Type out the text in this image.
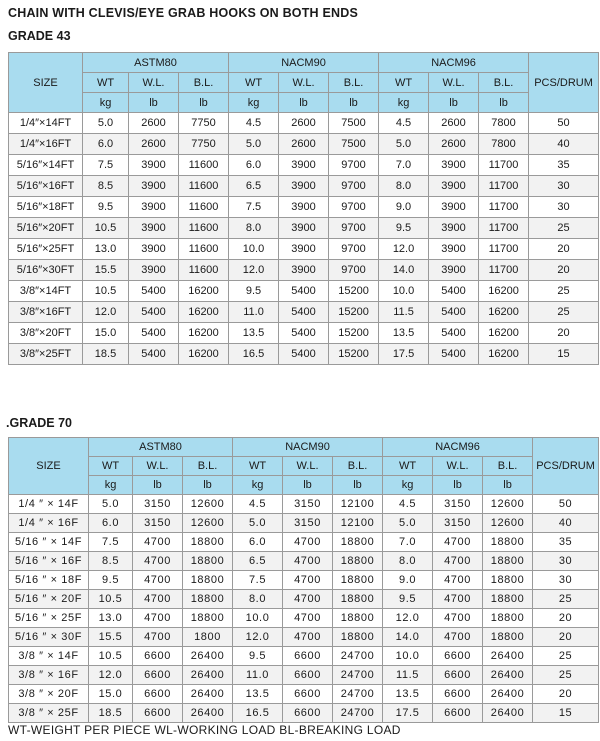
CHAIN WITH CLEVIS/EYE GRAB HOOKS ON BOTH ENDS
GRADE 43
SIZE	ASTM80			NACM90			NACM96			PCS/DRUM
	WT	W.L.	B.L.	WT	W.L.	B.L.	WT	W.L.	B.L.	
	kg	lb	lb	kg	lb	lb	kg	lb	lb	
1/4″×14FT	5.0	2600	7750	4.5	2600	7500	4.5	2600	7800	50
1/4″×16FT	6.0	2600	7750	5.0	2600	7500	5.0	2600	7800	40
5/16″×14FT	7.5	3900	11600	6.0	3900	9700	7.0	3900	11700	35
5/16″×16FT	8.5	3900	11600	6.5	3900	9700	8.0	3900	11700	30
5/16″×18FT	9.5	3900	11600	7.5	3900	9700	9.0	3900	11700	30
5/16″×20FT	10.5	3900	11600	8.0	3900	9700	9.5	3900	11700	25
5/16″×25FT	13.0	3900	11600	10.0	3900	9700	12.0	3900	11700	20
5/16″×30FT	15.5	3900	11600	12.0	3900	9700	14.0	3900	11700	20
3/8″×14FT	10.5	5400	16200	9.5	5400	15200	10.0	5400	16200	25
3/8″×16FT	12.0	5400	16200	11.0	5400	15200	11.5	5400	16200	25
3/8″×20FT	15.0	5400	16200	13.5	5400	15200	13.5	5400	16200	20
3/8″×25FT	18.5	5400	16200	16.5	5400	15200	17.5	5400	16200	15
.GRADE 70
SIZE	ASTM80			NACM90			NACM96			PCS/DRUM
	WT	W.L.	B.L.	WT	W.L.	B.L.	WT	W.L.	B.L.	
	kg	lb	lb	kg	lb	lb	kg	lb	lb	
1/4 ″ × 14F	5.0	3150	12600	4.5	3150	12100	4.5	3150	12600	50
1/4 ″ × 16F	6.0	3150	12600	5.0	3150	12100	5.0	3150	12600	40
5/16 ″ × 14F	7.5	4700	18800	6.0	4700	18800	7.0	4700	18800	35
5/16 ″ × 16F	8.5	4700	18800	6.5	4700	18800	8.0	4700	18800	30
5/16 ″ × 18F	9.5	4700	18800	7.5	4700	18800	9.0	4700	18800	30
5/16 ″ × 20F	10.5	4700	18800	8.0	4700	18800	9.5	4700	18800	25
5/16 ″ × 25F	13.0	4700	18800	10.0	4700	18800	12.0	4700	18800	20
5/16 ″ × 30F	15.5	4700	1800	12.0	4700	18800	14.0	4700	18800	20
3/8 ″ × 14F	10.5	6600	26400	9.5	6600	24700	10.0	6600	26400	25
3/8 ″ × 16F	12.0	6600	26400	11.0	6600	24700	11.5	6600	26400	25
3/8 ″ × 20F	15.0	6600	26400	13.5	6600	24700	13.5	6600	26400	20
3/8 ″ × 25F	18.5	6600	26400	16.5	6600	24700	17.5	6600	26400	15
WT-WEIGHT PER PIECE WL-WORKING LOAD BL-BREAKING LOAD
